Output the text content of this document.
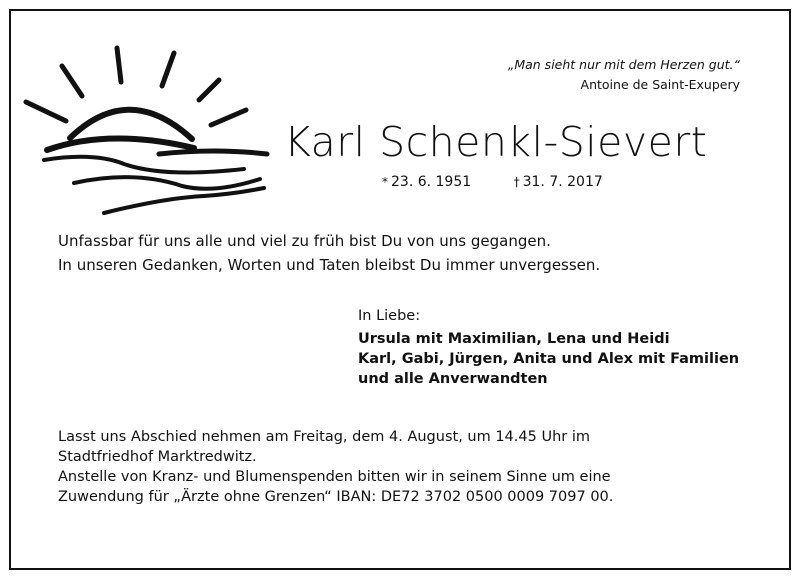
„Man sieht nur mit dem Herzen gut.“
Antoine de Saint-Exupery
Karl Schenkl-Sievert
* 23. 6. 1951	† 31. 7. 2017
Unfassbar für uns alle und viel zu früh bist Du von uns gegangen.
In unseren Gedanken, Worten und Taten bleibst Du immer unvergessen.
In Liebe:
Ursula mit Maximilian, Lena und Heidi
Karl, Gabi, Jürgen, Anita und Alex mit Familien
und alle Anverwandten
Lasst uns Abschied nehmen am Freitag, dem 4. August, um 14.45 Uhr im
Stadtfriedhof Marktredwitz.
Anstelle von Kranz- und Blumenspenden bitten wir in seinem Sinne um eine
Zuwendung für „Ärzte ohne Grenzen“ IBAN: DE72 3702 0500 0009 7097 00.
